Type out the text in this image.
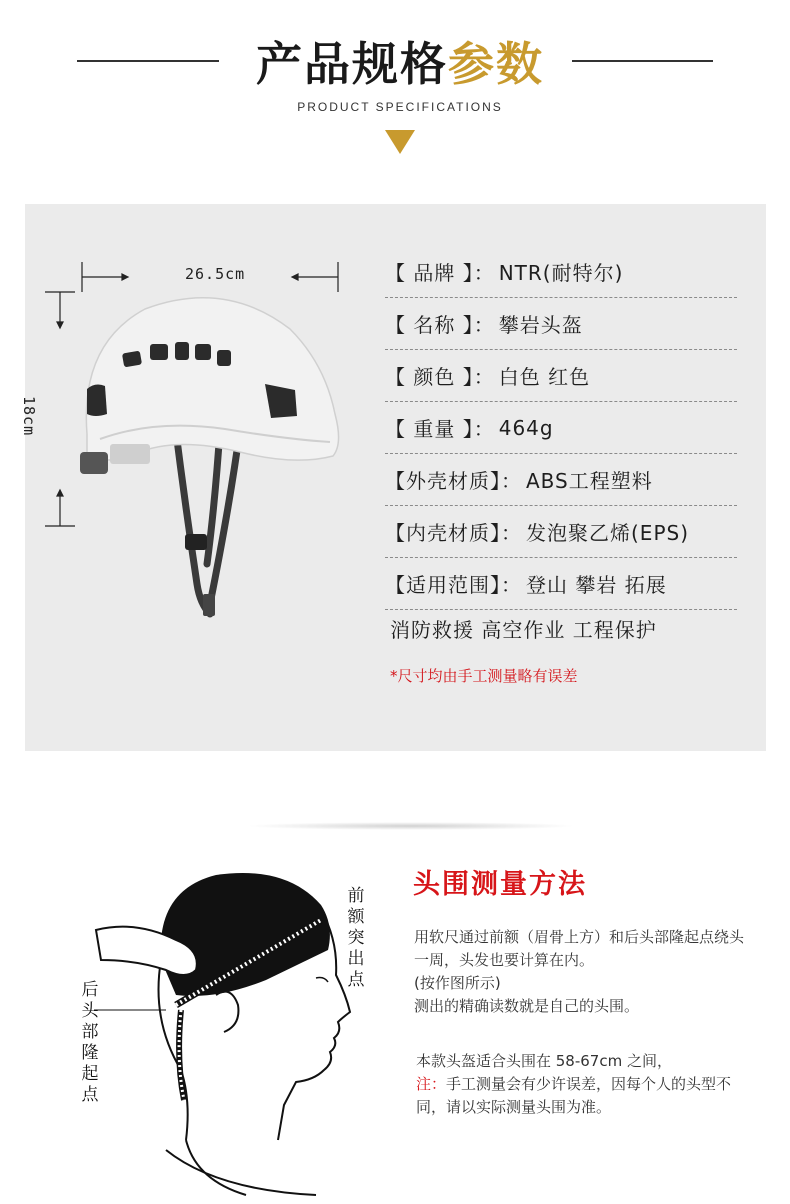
产品规格参数
PRODUCT SPECIFICATIONS
26.5cm
18cm
【 品牌 】： NTR(耐特尔)
【 名称 】： 攀岩头盔
【 颜色 】： 白色 红色
【 重量 】： 464g
【外壳材质】： ABS工程塑料
【内壳材质】： 发泡聚乙烯(EPS)
【适用范围】： 登山 攀岩 拓展
消防救援 高空作业 工程保护
*尺寸均由手工测量略有误差
前额突出点
后头部隆起点
头围测量方法
用软尺通过前额（眉骨上方）和后头部隆起点绕头一周，头发也要计算在内。
(按作图所示)
测出的精确读数就是自己的头围。
本款头盔适合头围在 58-67cm 之间，
注：手工测量会有少许误差，因每个人的头型不同，请以实际测量头围为准。
